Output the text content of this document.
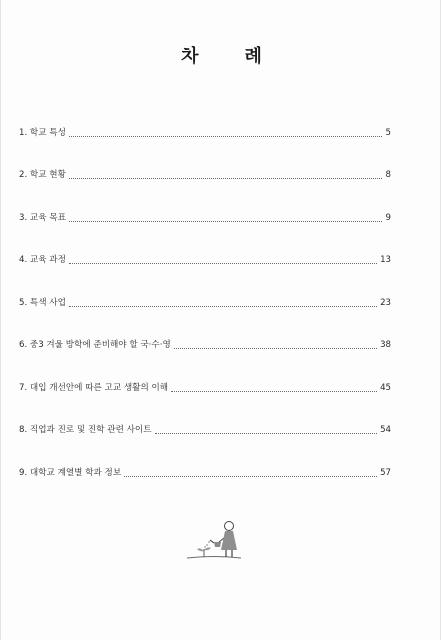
차례
1. 학교 특성	5
2. 학교 현황	8
3. 교육 목표	9
4. 교육 과정	13
5. 특색 사업	23
6. 중3 겨울 방학에 준비해야 할 국·수·영	38
7. 대입 개선안에 따른 고교 생활의 이해	45
8. 직업과 진로 및 진학 관련 사이트	54
9. 대학교 계열별 학과 정보	57
